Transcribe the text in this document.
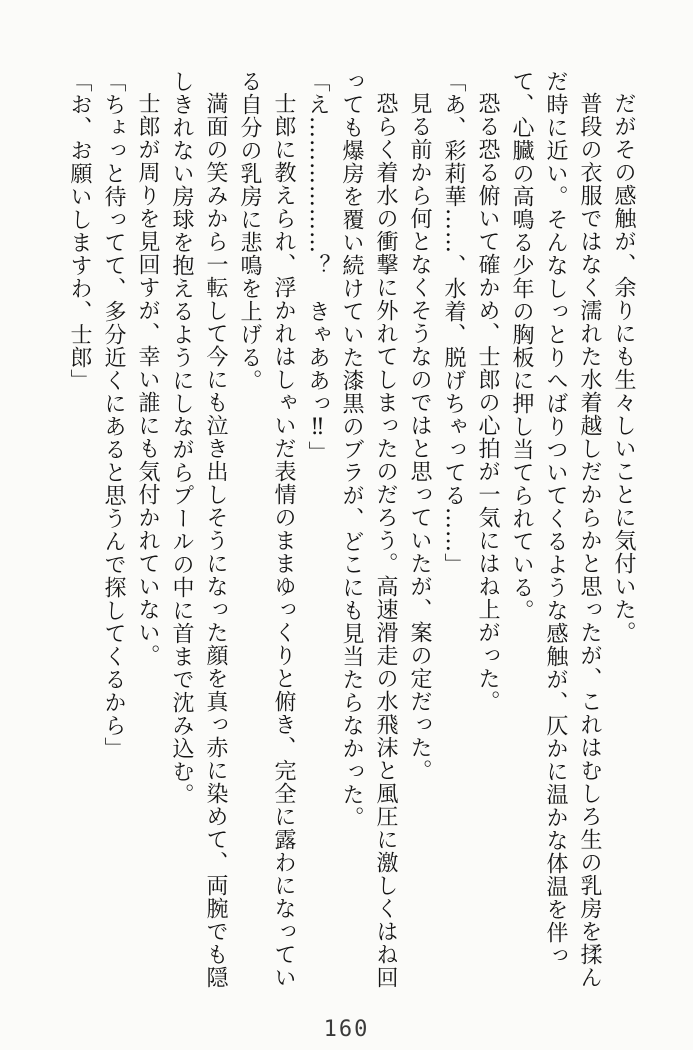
だがその感触が、余りにも生々しいことに気付いた。

普段の衣服ではなく濡れた水着越しだからかと思ったが、これはむしろ生の乳房を揉んだ時に近い。そんなしっとりへばりついてくるような感触が、仄かに温かな体温を伴って、心臓の高鳴る少年の胸板に押し当てられている。

恐る恐る俯いて確かめ、士郎の心拍が一気にはね上がった。

「あ、彩莉華……、水着、脱げちゃってる……」

見る前から何となくそうなのではと思っていたが、案の定だった。

恐らく着水の衝撃に外れてしまったのだろう。高速滑走の水飛沫と風圧に激しくはね回っても爆房を覆い続けていた漆黒のブラが、どこにも見当たらなかった。

「え………………？　きゃああっ‼」

士郎に教えられ、浮かれはしゃいだ表情のままゆっくりと俯き、完全に露わになっている自分の乳房に悲鳴を上げる。

満面の笑みから一転して今にも泣き出しそうになった顔を真っ赤に染めて、両腕でも隠しきれない房球を抱えるようにしながらプールの中に首まで沈み込む。

士郎が周りを見回すが、幸い誰にも気付かれていない。

「ちょっと待ってて、多分近くにあると思うんで探してくるから」

「お、お願いしますわ、士郎」

160
